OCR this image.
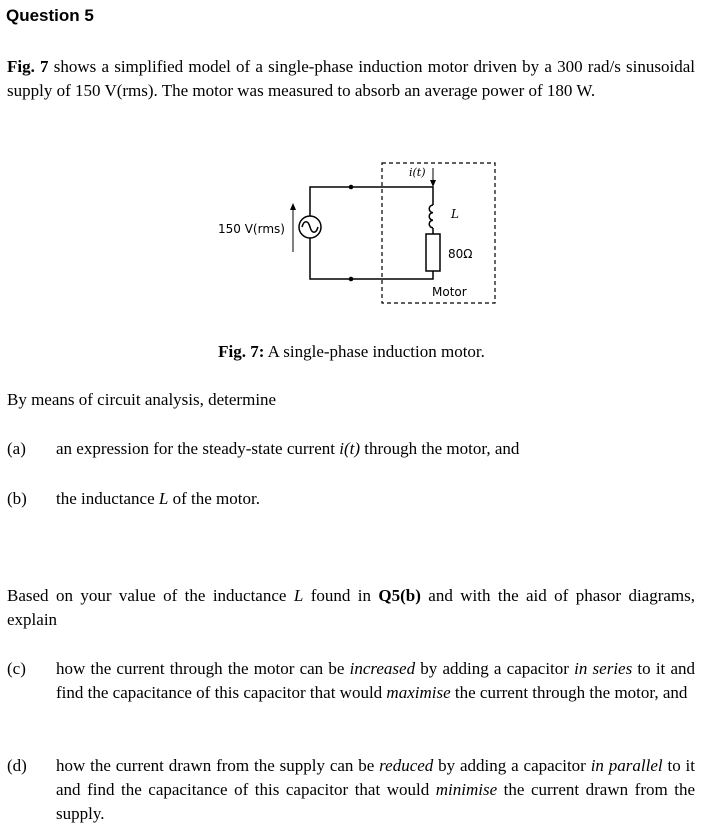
Question 5
Fig. 7 shows a simplified model of a single-phase induction motor driven by a 300 rad/s sinusoidal supply of 150 V(rms). The motor was measured to absorb an average power of 180 W.
150 V(rms)
i(t)
L
80Ω
Motor
Fig. 7: A single-phase induction motor.
By means of circuit analysis, determine
(a) an expression for the steady-state current i(t) through the motor, and
(b) the inductance L of the motor.
Based on your value of the inductance L found in Q5(b) and with the aid of phasor diagrams, explain
(c) how the current through the motor can be increased by adding a capacitor in series to it and find the capacitance of this capacitor that would maximise the current through the motor, and
(d) how the current drawn from the supply can be reduced by adding a capacitor in parallel to it and find the capacitance of this capacitor that would minimise the current drawn from the supply.
